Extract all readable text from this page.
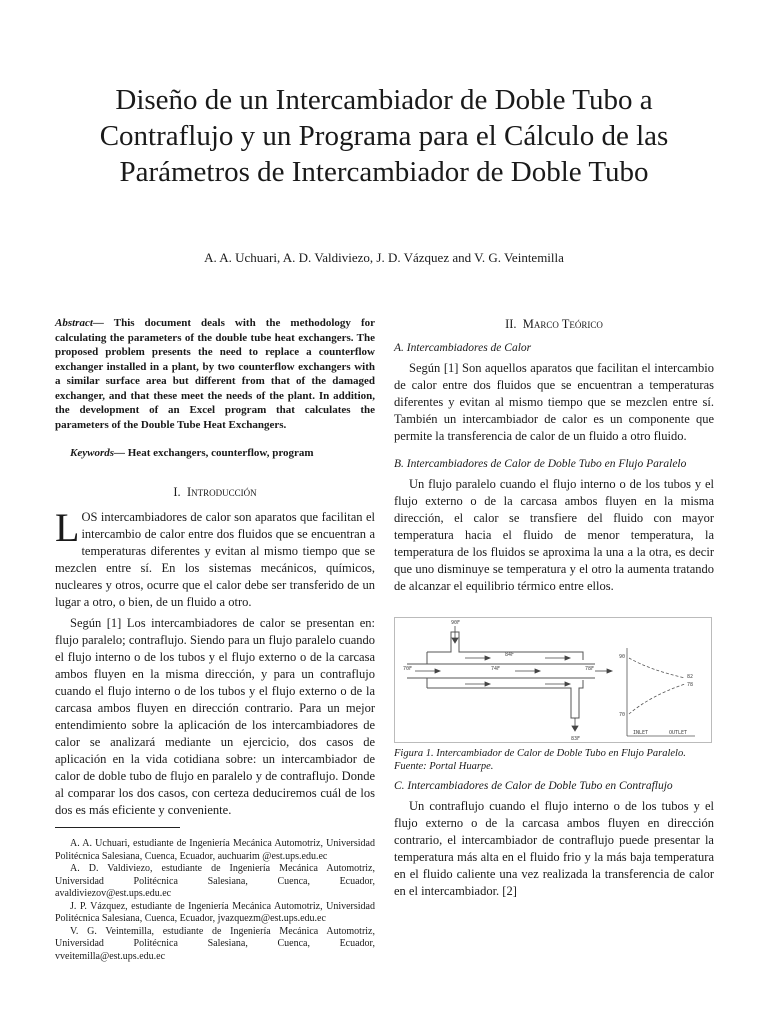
Diseño de un Intercambiador de Doble Tubo a Contraflujo y un Programa para el Cálculo de las Parámetros de Intercambiador de Doble Tubo
A. A. Uchuari, A. D. Valdiviezo, J. D. Vázquez and V. G. Veintemilla

Abstract— This document deals with the methodology for calculating the parameters of the double tube heat exchangers. The proposed problem presents the need to replace a counterflow exchanger installed in a plant, by two counterflow exchangers with a similar surface area but different from that of the damaged exchanger, and that these meet the needs of the plant. In addition, the development of an Excel program that calculates the parameters of the Double Tube Heat Exchangers.

Keywords— Heat exchangers, counterflow, program

I. Introducción

LOS intercambiadores de calor son aparatos que facilitan el intercambio de calor entre dos fluidos que se encuentran a temperaturas diferentes y evitan al mismo tiempo que se mezclen entre sí. En los sistemas mecánicos, químicos, nucleares y otros, ocurre que el calor debe ser transferido de un lugar a otro, o bien, de un fluido a otro.

Según [1] Los intercambiadores de calor se presentan en: flujo paralelo; contraflujo. Siendo para un flujo paralelo cuando el flujo interno o de los tubos y el flujo externo o de la carcasa ambos fluyen en la misma dirección, y para un contraflujo cuando el flujo interno o de los tubos y el flujo externo o de la carcasa ambos fluyen en dirección contrario. Para un mejor entendimiento sobre la aplicación de los intercambiadores de calor se analizará mediante un ejercicio, dos casos de aplicación en la vida cotidiana sobre: un intercambiador de calor de doble tubo de flujo en paralelo y de contraflujo. Donde al comparar los dos casos, con certeza deduciremos cuál de los dos es más eficiente y conveniente.

A. A. Uchuari, estudiante de Ingeniería Mecánica Automotriz, Universidad Politécnica Salesiana, Cuenca, Ecuador, auchuarim @est.ups.edu.ec

A. D. Valdiviezo, estudiante de Ingeniería Mecánica Automotriz, Universidad Politécnica Salesiana, Cuenca, Ecuador, avaldiviezov@est.ups.edu.ec

J. P. Vázquez, estudiante de Ingeniería Mecánica Automotriz, Universidad Politécnica Salesiana, Cuenca, Ecuador, jvazquezm@est.ups.edu.ec

V. G. Veintemilla, estudiante de Ingeniería Mecánica Automotriz, Universidad Politécnica Salesiana, Cuenca, Ecuador, vveitemilla@est.ups.edu.ec

II. Marco Teórico
A. Intercambiadores de Calor

Según [1] Son aquellos aparatos que facilitan el intercambio de calor entre dos fluidos que se encuentran a temperaturas diferentes y evitan al mismo tiempo que se mezclen entre sí. También un intercambiador de calor es un componente que permite la transferencia de calor de un fluido a otro fluido.

B. Intercambiadores de Calor de Doble Tubo en Flujo Paralelo

Un flujo paralelo cuando el flujo interno o de los tubos y el flujo externo o de la carcasa ambos fluyen en la misma dirección, el calor se transfiere del fluido con mayor temperatura hacia el fluido de menor temperatura, la temperatura de los fluidos se aproxima la una a la otra, es decir que uno disminuye se temperatura y el otro la aumenta tratando de alcanzar el equilibrio térmico entre ellos.

90F
84F
70F	74F	78F
83F
90
70
82
78
INLET	OUTLET

Figura 1. Intercambiador de Calor de Doble Tubo en Flujo Paralelo. Fuente: Portal Huarpe.

C. Intercambiadores de Calor de Doble Tubo en Contraflujo

Un contraflujo cuando el flujo interno o de los tubos y el flujo externo o de la carcasa ambos fluyen en dirección contrario, el intercambiador de contraflujo puede presentar la temperatura más alta en el fluido frio y la más baja temperatura en el fluido caliente una vez realizada la transferencia de calor en el intercambiador. [2]
